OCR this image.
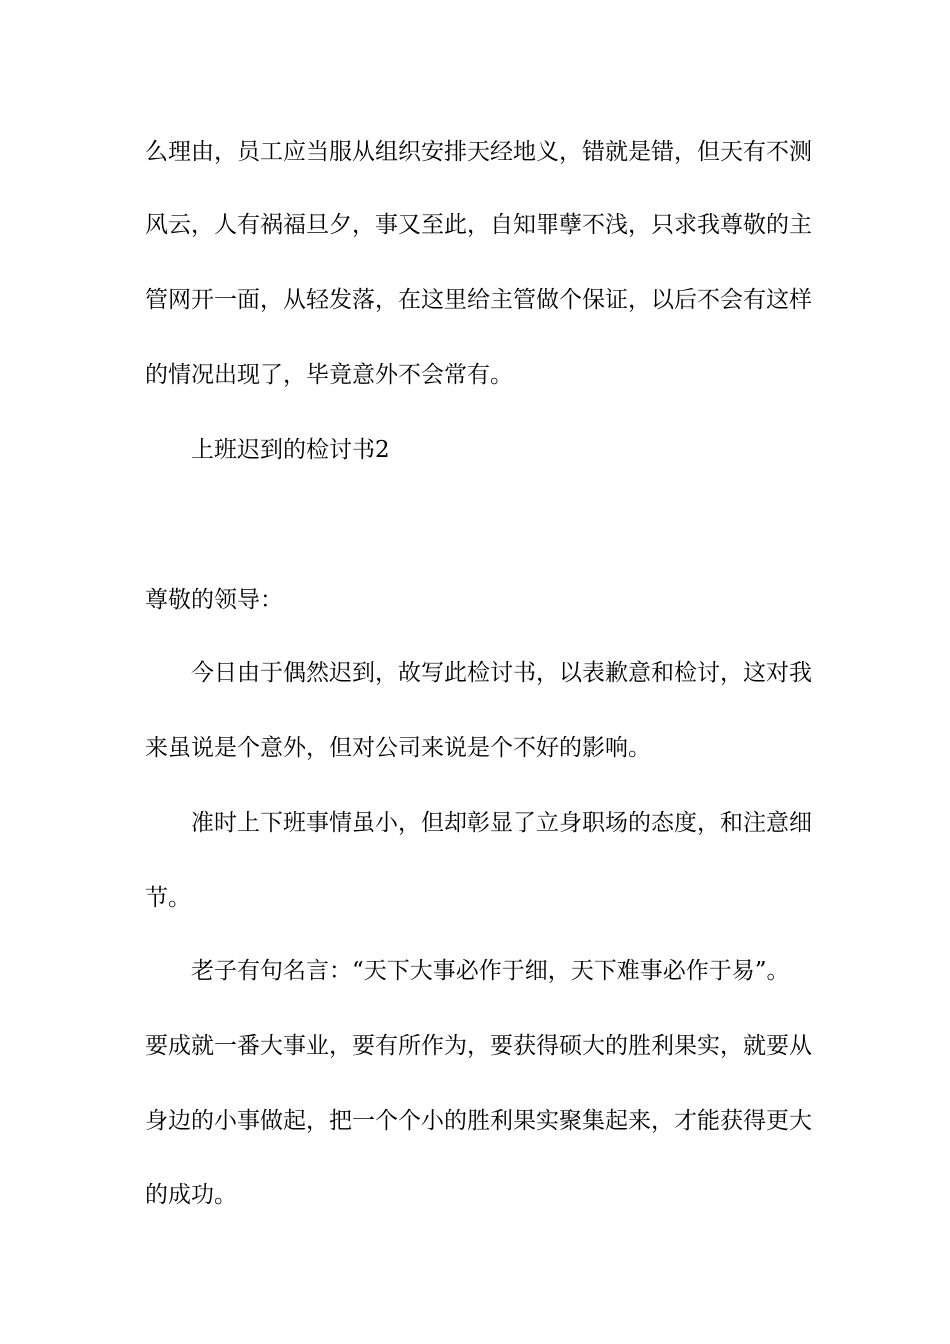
么理由，员工应当服从组织安排天经地义，错就是错，但天有不测
风云，人有祸福旦夕，事又至此，自知罪孽不浅，只求我尊敬的主
管网开一面，从轻发落，在这里给主管做个保证，以后不会有这样
的情况出现了，毕竟意外不会常有。
上班迟到的检讨书2
尊敬的领导：
今日由于偶然迟到，故写此检讨书，以表歉意和检讨，这对我
来虽说是个意外，但对公司来说是个不好的影响。
准时上下班事情虽小，但却彰显了立身职场的态度，和注意细
节。
老子有句名言：“天下大事必作于细，天下难事必作于易”。
要成就一番大事业，要有所作为，要获得硕大的胜利果实，就要从
身边的小事做起，把一个个小的胜利果实聚集起来，才能获得更大
的成功。
